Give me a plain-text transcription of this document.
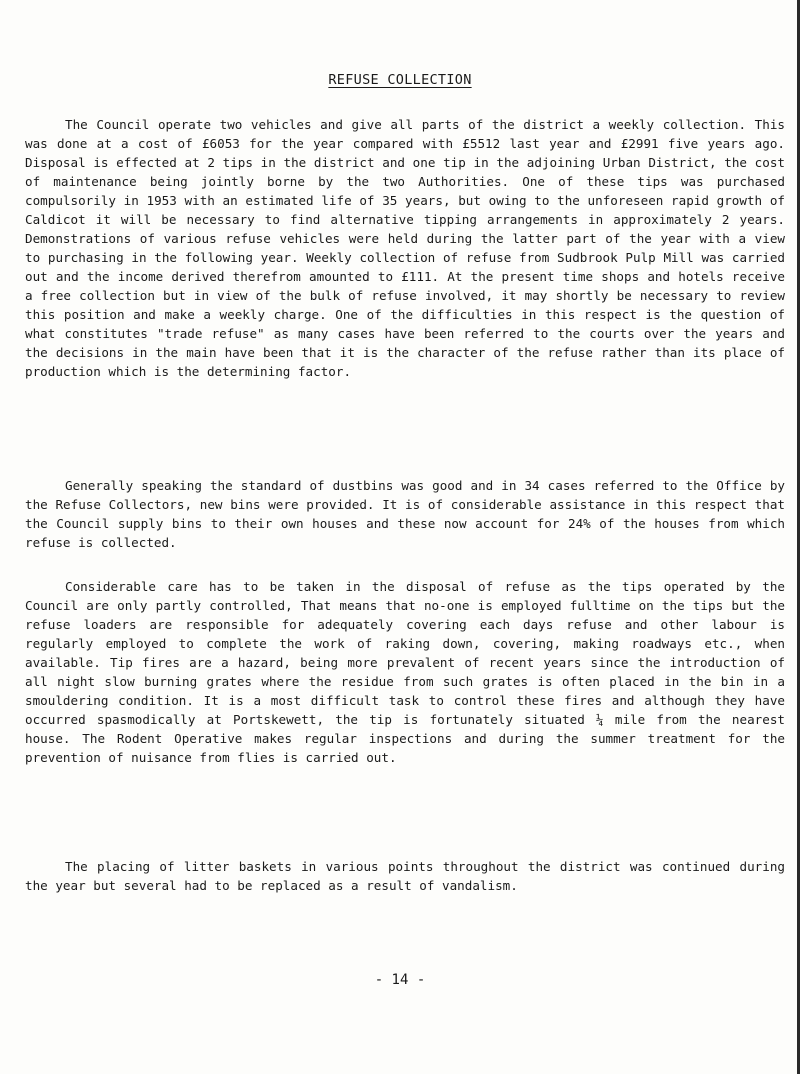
REFUSE COLLECTION

The Council operate two vehicles and give all parts of the district a weekly collection. This was done at a cost of £6053 for the year compared with £5512 last year and £2991 five years ago. Disposal is effected at 2 tips in the district and one tip in the adjoining Urban District, the cost of maintenance being jointly borne by the two Authorities. One of these tips was purchased compulsorily in 1953 with an estimated life of 35 years, but owing to the unforeseen rapid growth of Caldicot it will be necessary to find alternative tipping arrangements in approximately 2 years. Demonstrations of various refuse vehicles were held during the latter part of the year with a view to purchasing in the following year. Weekly collection of refuse from Sudbrook Pulp Mill was carried out and the income derived therefrom amounted to £111. At the present time shops and hotels receive a free collection but in view of the bulk of refuse involved, it may shortly be necessary to review this position and make a weekly charge. One of the difficulties in this respect is the question of what constitutes "trade refuse" as many cases have been referred to the courts over the years and the decisions in the main have been that it is the character of the refuse rather than its place of production which is the determining factor.

Generally speaking the standard of dustbins was good and in 34 cases referred to the Office by the Refuse Collectors, new bins were provided. It is of considerable assistance in this respect that the Council supply bins to their own houses and these now account for 24% of the houses from which refuse is collected.

Considerable care has to be taken in the disposal of refuse as the tips operated by the Council are only partly controlled, That means that no-one is employed fulltime on the tips but the refuse loaders are responsible for adequately covering each days refuse and other labour is regularly employed to complete the work of raking down, covering, making roadways etc., when available. Tip fires are a hazard, being more prevalent of recent years since the introduction of all night slow burning grates where the residue from such grates is often placed in the bin in a smouldering condition. It is a most difficult task to control these fires and although they have occurred spasmodically at Portskewett, the tip is fortunately situated ¼ mile from the nearest house. The Rodent Operative makes regular inspections and during the summer treatment for the prevention of nuisance from flies is carried out.

The placing of litter baskets in various points throughout the district was continued during the year but several had to be replaced as a result of vandalism.

- 14 -
